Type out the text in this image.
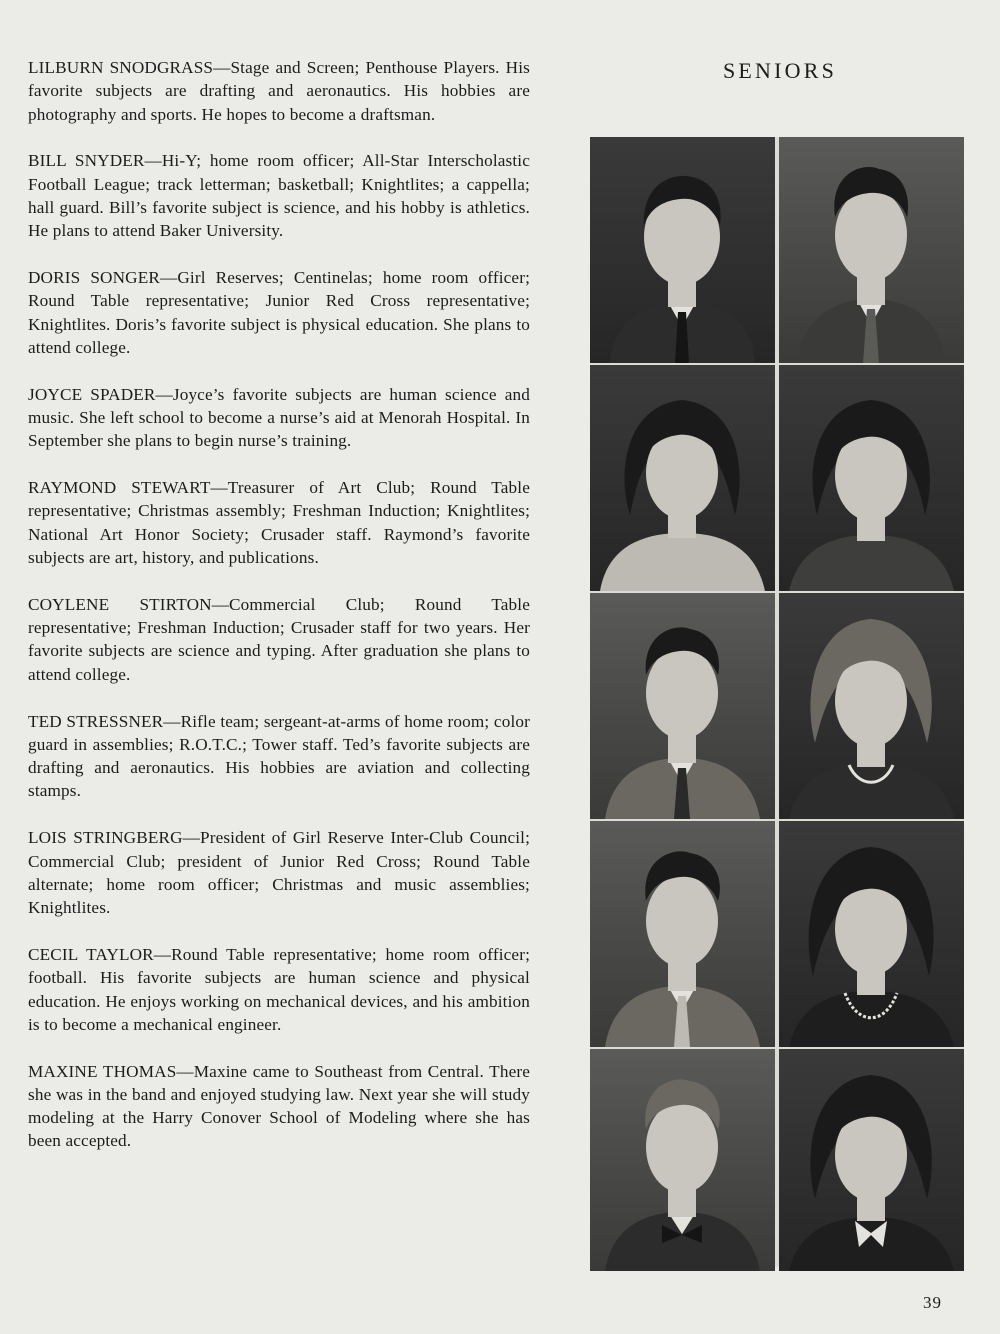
LILBURN SNODGRASS—Stage and Screen; Penthouse Players. His favorite subjects are drafting and aeronautics. His hobbies are photography and sports. He hopes to become a draftsman.

BILL SNYDER—Hi-Y; home room officer; All-Star Interscholastic Football League; track letterman; basketball; Knightlites; a cappella; hall guard. Bill’s favorite subject is science, and his hobby is athletics. He plans to attend Baker University.

DORIS SONGER—Girl Reserves; Centinelas; home room officer; Round Table representative; Junior Red Cross representative; Knightlites. Doris’s favorite subject is physical education. She plans to attend college.

JOYCE SPADER—Joyce’s favorite subjects are human science and music. She left school to become a nurse’s aid at Menorah Hospital. In September she plans to begin nurse’s training.

RAYMOND STEWART—Treasurer of Art Club; Round Table representative; Christmas assembly; Freshman Induction; Knightlites; National Art Honor Society; Crusader staff. Raymond’s favorite subjects are art, history, and publications.

COYLENE STIRTON—Commercial Club; Round Table representative; Freshman Induction; Crusader staff for two years. Her favorite subjects are science and typing. After graduation she plans to attend college.

TED STRESSNER—Rifle team; sergeant-at-arms of home room; color guard in assemblies; R.O.T.C.; Tower staff. Ted’s favorite subjects are drafting and aeronautics. His hobbies are aviation and collecting stamps.

LOIS STRINGBERG—President of Girl Reserve Inter-Club Council; Commercial Club; president of Junior Red Cross; Round Table alternate; home room officer; Christmas and music assemblies; Knightlites.

CECIL TAYLOR—Round Table representative; home room officer; football. His favorite subjects are human science and physical education. He enjoys working on mechanical devices, and his ambition is to become a mechanical engineer.

MAXINE THOMAS—Maxine came to Southeast from Central. There she was in the band and enjoyed studying law. Next year she will study modeling at the Harry Conover School of Modeling where she has been accepted.

SENIORS
39
